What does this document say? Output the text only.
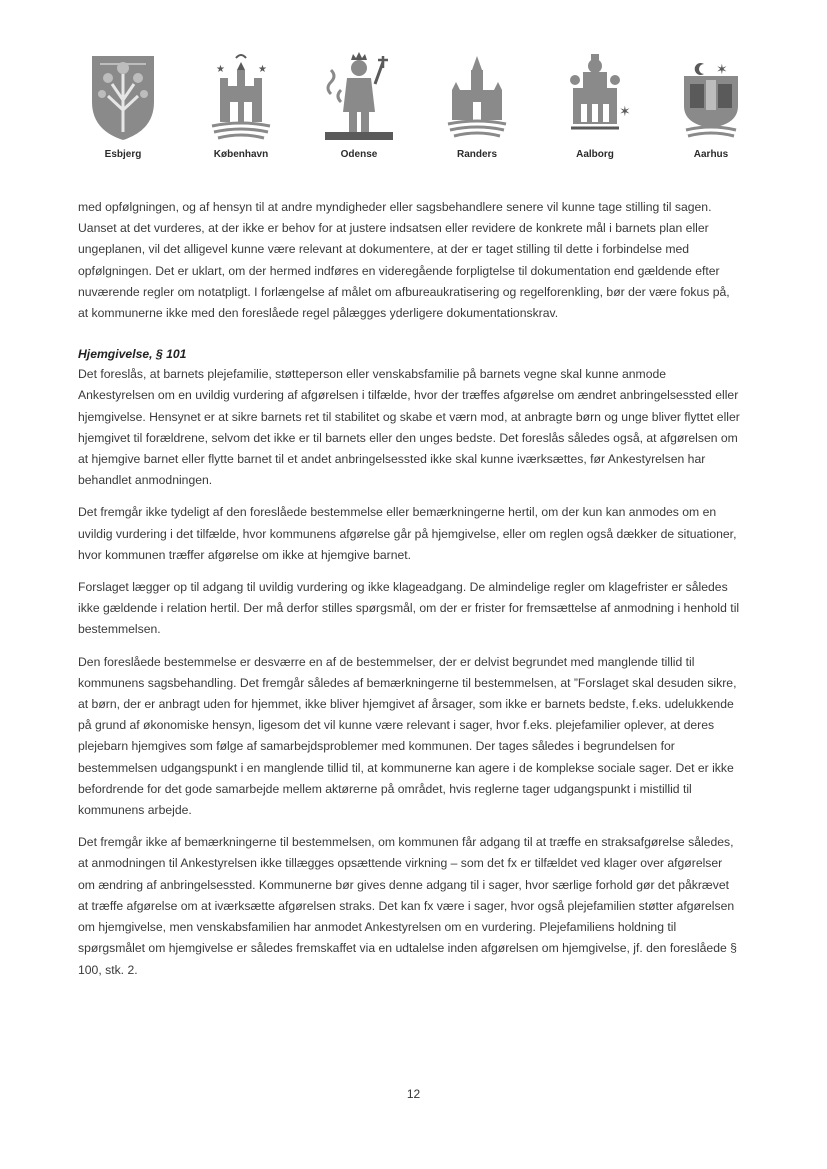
Esbjerg
★	★
København	Odense	Randers
✶
Aalborg
✶
Aarhus

med opfølgningen, og af hensyn til at andre myndigheder eller sagsbehandlere senere vil kunne tage stilling til sagen. Uanset at det vurderes, at der ikke er behov for at justere indsatsen eller revidere de konkrete mål i barnets plan eller ungeplanen, vil det alligevel kunne være relevant at dokumentere, at der er taget stilling til dette i forbindelse med opfølgningen. Det er uklart, om der hermed indføres en videregående forpligtelse til dokumentation end gældende efter nuværende regler om notatpligt. I forlængelse af målet om afbureaukratisering og regelforenkling, bør der være fokus på, at kommunerne ikke med den foreslåede regel pålægges yderligere dokumentationskrav.

Hjemgivelse, § 101

Det foreslås, at barnets plejefamilie, støtteperson eller venskabsfamilie på barnets vegne skal kunne anmode Ankestyrelsen om en uvildig vurdering af afgørelsen i tilfælde, hvor der træffes afgørelse om ændret anbringelsessted eller hjemgivelse. Hensynet er at sikre barnets ret til stabilitet og skabe et værn mod, at anbragte børn og unge bliver flyttet eller hjemgivet til forældrene, selvom det ikke er til barnets eller den unges bedste. Det foreslås således også, at afgørelsen om at hjemgive barnet eller flytte barnet til et andet anbringelsessted ikke skal kunne iværksættes, før Ankestyrelsen har behandlet anmodningen.

Det fremgår ikke tydeligt af den foreslåede bestemmelse eller bemærkningerne hertil, om der kun kan anmodes om en uvildig vurdering i det tilfælde, hvor kommunens afgørelse går på hjemgivelse, eller om reglen også dækker de situationer, hvor kommunen træffer afgørelse om ikke at hjemgive barnet.

Forslaget lægger op til adgang til uvildig vurdering og ikke klageadgang. De almindelige regler om klagefrister er således ikke gældende i relation hertil. Der må derfor stilles spørgsmål, om der er frister for fremsættelse af anmodning i henhold til bestemmelsen.

Den foreslåede bestemmelse er desværre en af de bestemmelser, der er delvist begrundet med manglende tillid til kommunens sagsbehandling. Det fremgår således af bemærkningerne til bestemmelsen, at ”Forslaget skal desuden sikre, at børn, der er anbragt uden for hjemmet, ikke bliver hjemgivet af årsager, som ikke er barnets bedste, f.eks. udelukkende på grund af økonomiske hensyn, ligesom det vil kunne være relevant i sager, hvor f.eks. plejefamilier oplever, at deres plejebarn hjemgives som følge af samarbejdsproblemer med kommunen. Der tages således i begrundelsen for bestemmelsen udgangspunkt i en manglende tillid til, at kommunerne kan agere i de komplekse sociale sager. Det er ikke befordrende for det gode samarbejde mellem aktørerne på området, hvis reglerne tager udgangspunkt i mistillid til kommunens arbejde.

Det fremgår ikke af bemærkningerne til bestemmelsen, om kommunen får adgang til at træffe en straksafgørelse således, at anmodningen til Ankestyrelsen ikke tillægges opsættende virkning – som det fx er tilfældet ved klager over afgørelser om ændring af anbringelsessted. Kommunerne bør gives denne adgang til i sager, hvor særlige forhold gør det påkrævet at træffe afgørelse om at iværksætte afgørelsen straks. Det kan fx være i sager, hvor også plejefamilien støtter afgørelsen om hjemgivelse, men venskabsfamilien har anmodet Ankestyrelsen om en vurdering. Plejefamiliens holdning til spørgsmålet om hjemgivelse er således fremskaffet via en udtalelse inden afgørelsen om hjemgivelse, jf. den foreslåede § 100, stk. 2.

12
